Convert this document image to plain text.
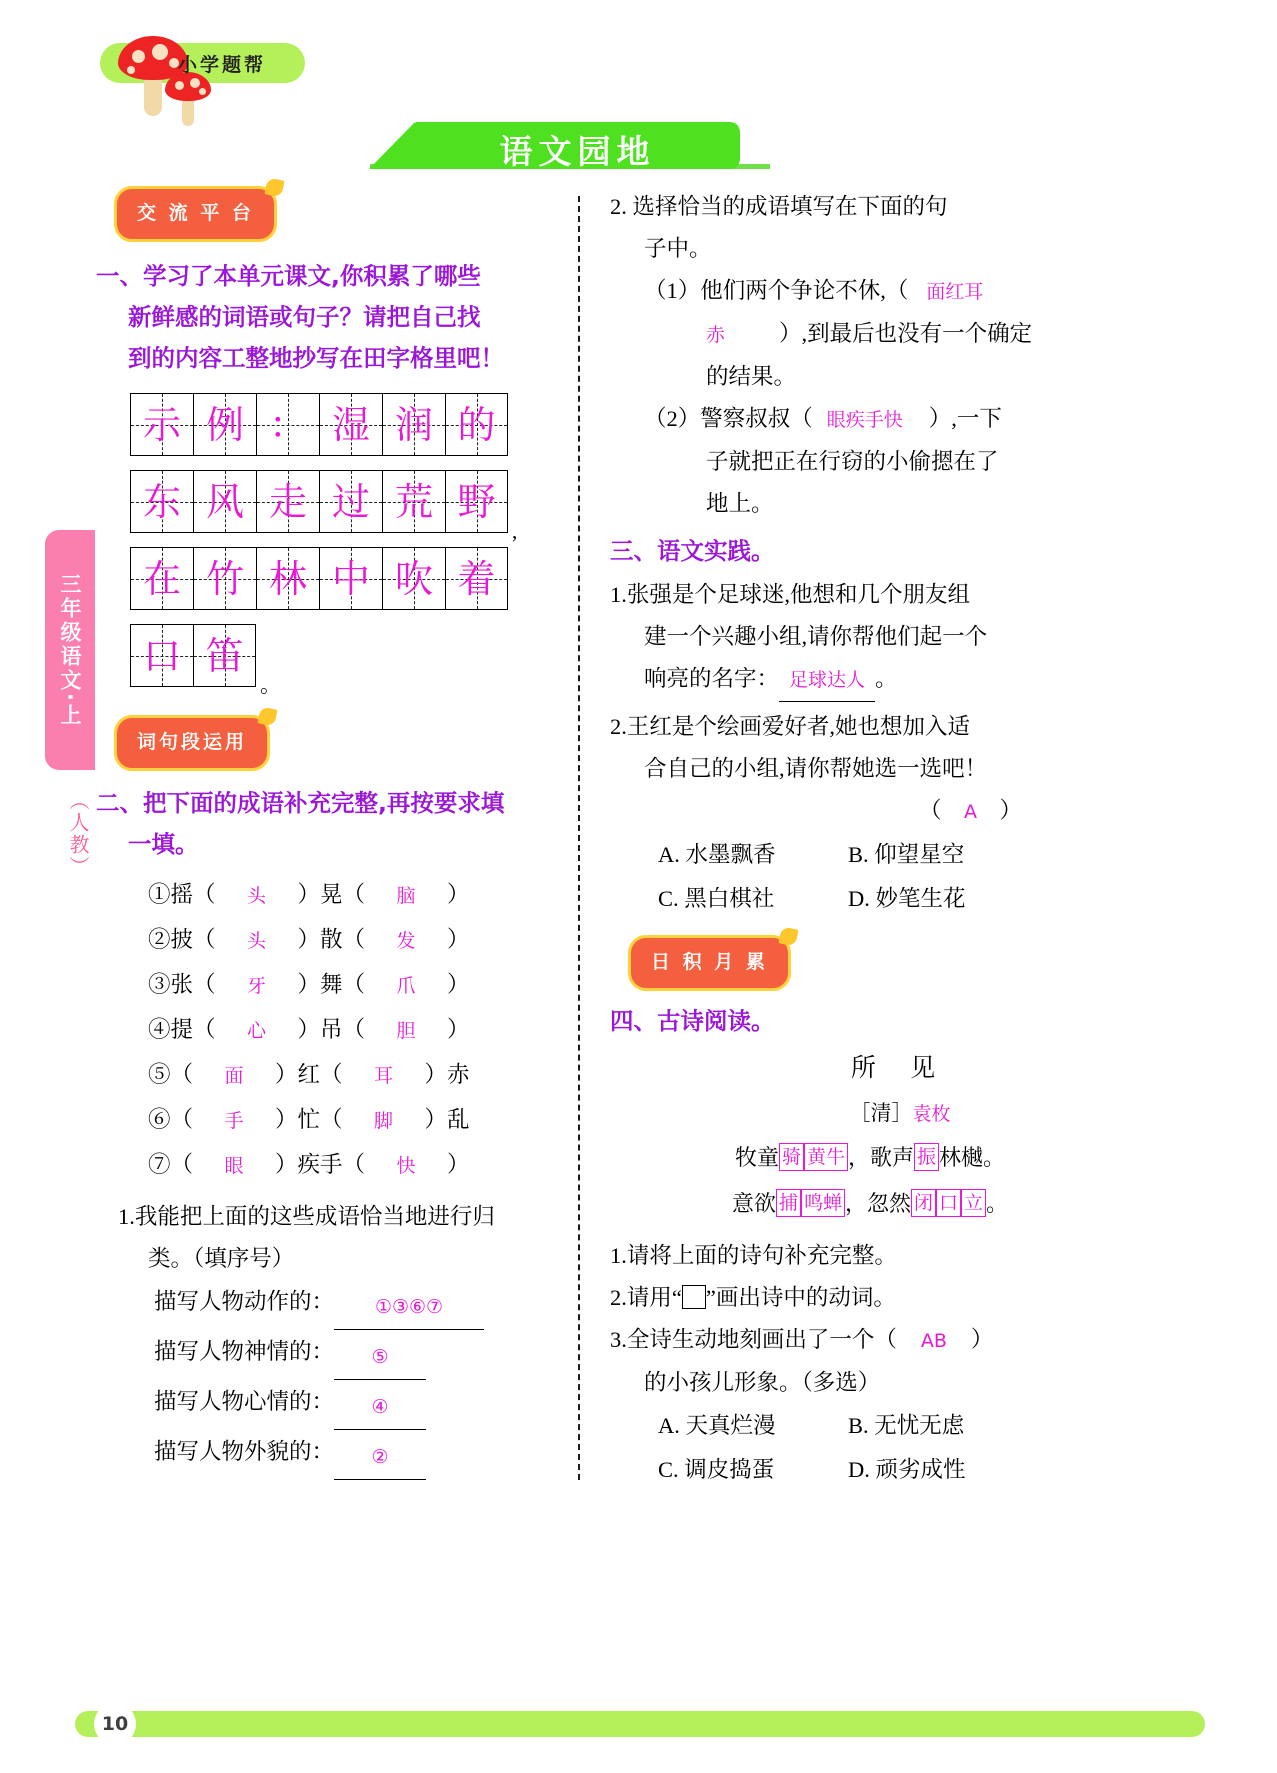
小学题帮
语文园地
三年级语文·上
（人教）
交 流 平 台
一、学习了本单元课文,你积累了哪些
新鲜感的词语或句子？请把自己找
到的内容工整地抄写在田字格里吧！
示 例 ： 湿 润 的
东 风 走 过 荒 野
,
在 竹 林 中 吹 着
口 笛
。
词句段运用
二、把下面的成语补充完整,再按要求填
一填。
①摇（ 头 ）晃（ 脑 ）
②披（ 头 ）散（ 发 ）
③张（ 牙 ）舞（ 爪 ）
④提（ 心 ）吊（ 胆 ）
⑤（ 面 ）红（ 耳 ）赤
⑥（ 手 ）忙（ 脚 ）乱
⑦（ 眼 ）疾手（ 快 ）
1.我能把上面的这些成语恰当地进行归
类。（填序号）
描写人物动作的： ①③⑥⑦
描写人物神情的： ⑤
描写人物心情的： ④
描写人物外貌的： ②
2. 选择恰当的成语填写在下面的句
子中。
（1）他们两个争论不休,（ 面红耳
赤 ）,到最后也没有一个确定
的结果。
（2）警察叔叔（ 眼疾手快 ）,一下
子就把正在行窃的小偷摁在了
地上。
三、语文实践。
1.张强是个足球迷,他想和几个朋友组
建一个兴趣小组,请你帮他们起一个
响亮的名字： 足球达人 。
2.王红是个绘画爱好者,她也想加入适
合自己的小组,请你帮她选一选吧！
（ A ）
A. 水墨飘香	B. 仰望星空
C. 黑白棋社	D. 妙笔生花
日 积 月 累
四、古诗阅读。
所 见
［清］袁枚
牧童 骑 黄牛 ，歌声 振 林樾。
意欲 捕 鸣蝉 ，忽然 闭 口 立 。
1.请将上面的诗句补充完整。
2.请用“ ”画出诗中的动词。
3.全诗生动地刻画出了一个（ AB ）
的小孩儿形象。（多选）
A. 天真烂漫	B. 无忧无虑
C. 调皮捣蛋	D. 顽劣成性
10
